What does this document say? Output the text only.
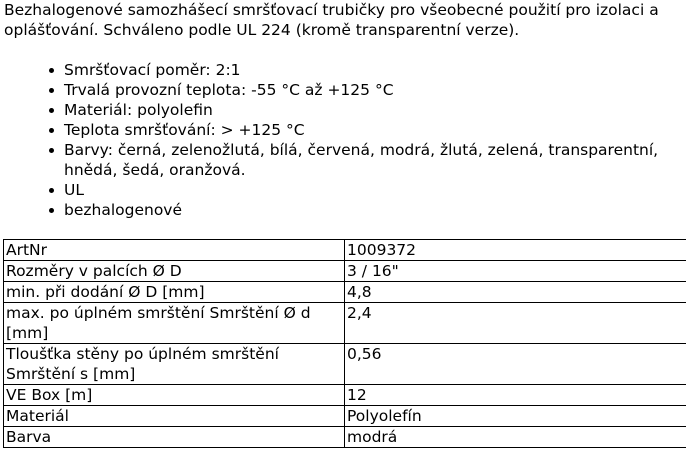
Bezhalogenové samozhášecí smršťovací trubičky pro všeobecné použití pro izolaci a oplášťování. Schváleno podle UL 224 (kromě transparentní verze).

Smršťovací poměr: 2:1
Trvalá provozní teplota: -55 °C až +125 °C
Materiál: polyolefin
Teplota smršťování: > +125 °C
Barvy: černá, zelenožlutá, bílá, červená, modrá, žlutá, zelená, transparentní, hnědá, šedá, oranžová.
UL
bezhalogenové
ArtNr	1009372
Rozměry v palcích Ø D	3 / 16"
min. při dodání Ø D [mm]	4,8
max. po úplném smrštění Smrštění Ø d [mm]	2,4
Tloušťka stěny po úplném smrštění Smrštění s [mm]	0,56
VE Box [m]	12
Materiál	Polyolefín
Barva	modrá
